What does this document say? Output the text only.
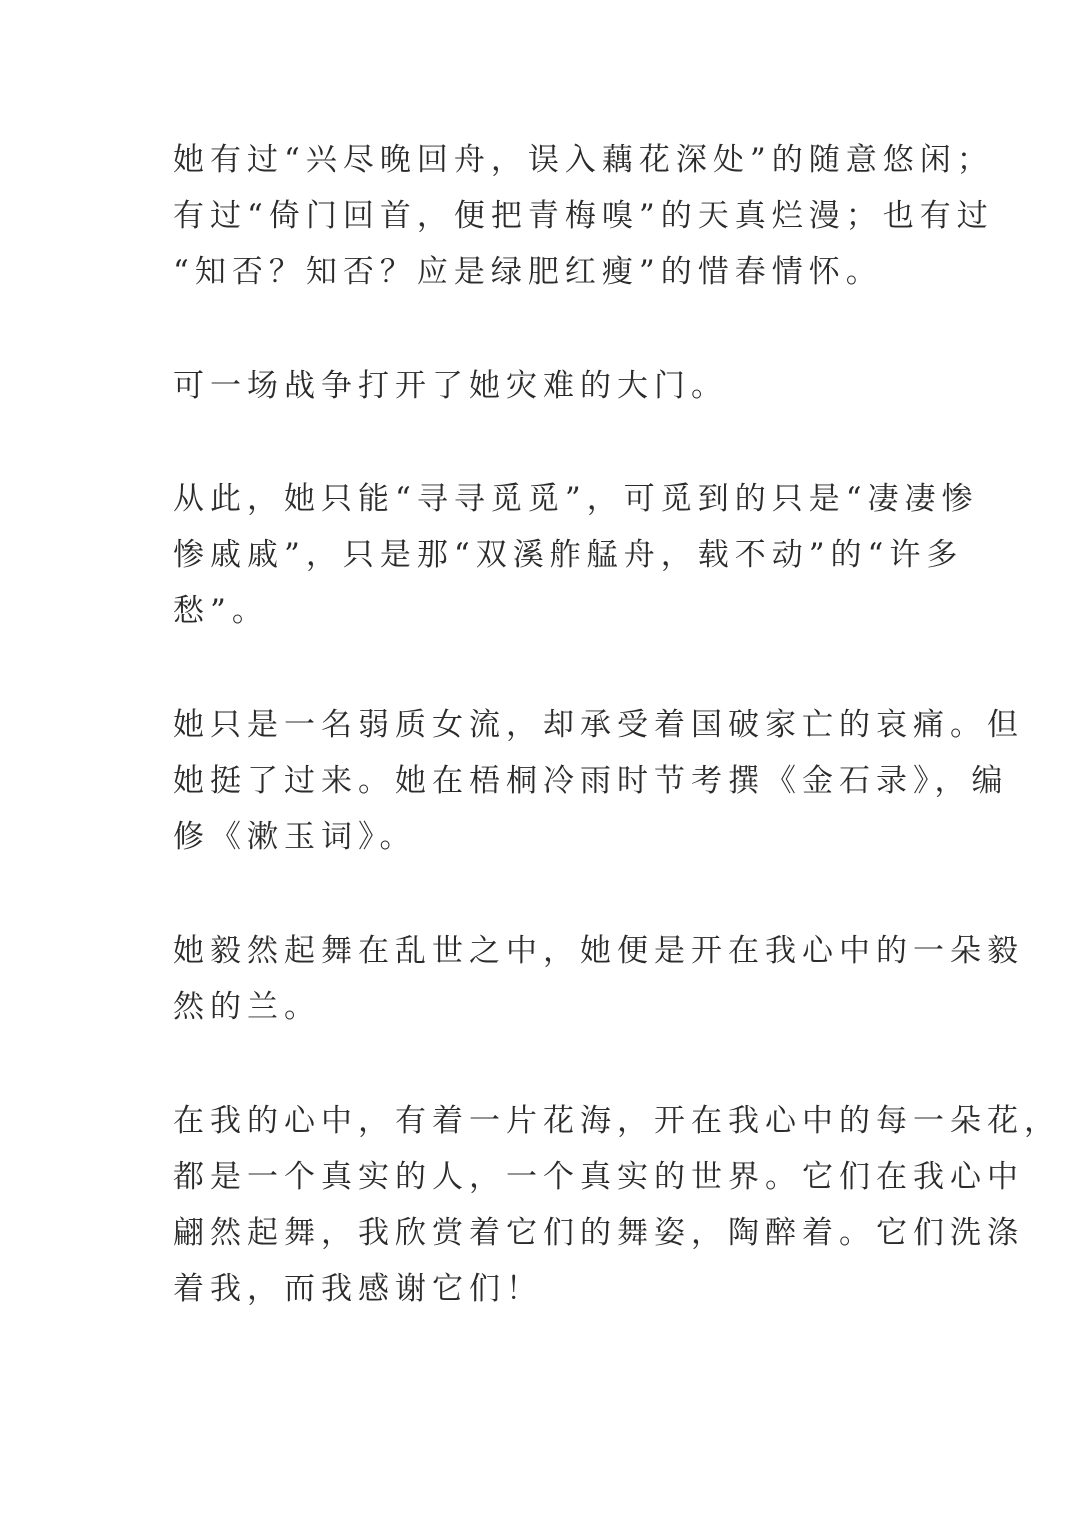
她有过“兴尽晚回舟，误入藕花深处”的随意悠闲；
有过“倚门回首，便把青梅嗅”的天真烂漫；也有过
“知否？知否？应是绿肥红瘦”的惜春情怀。
可一场战争打开了她灾难的大门。
从此，她只能“寻寻觅觅”，可觅到的只是“凄凄惨
惨戚戚”，只是那“双溪舴艋舟，载不动”的“许多
愁”。
她只是一名弱质女流，却承受着国破家亡的哀痛。但
她挺了过来。她在梧桐冷雨时节考撰《金石录》，编
修《漱玉词》。
她毅然起舞在乱世之中，她便是开在我心中的一朵毅
然的兰。
在我的心中，有着一片花海，开在我心中的每一朵花，
都是一个真实的人，一个真实的世界。它们在我心中
翩然起舞，我欣赏着它们的舞姿，陶醉着。它们洗涤
着我，而我感谢它们！
